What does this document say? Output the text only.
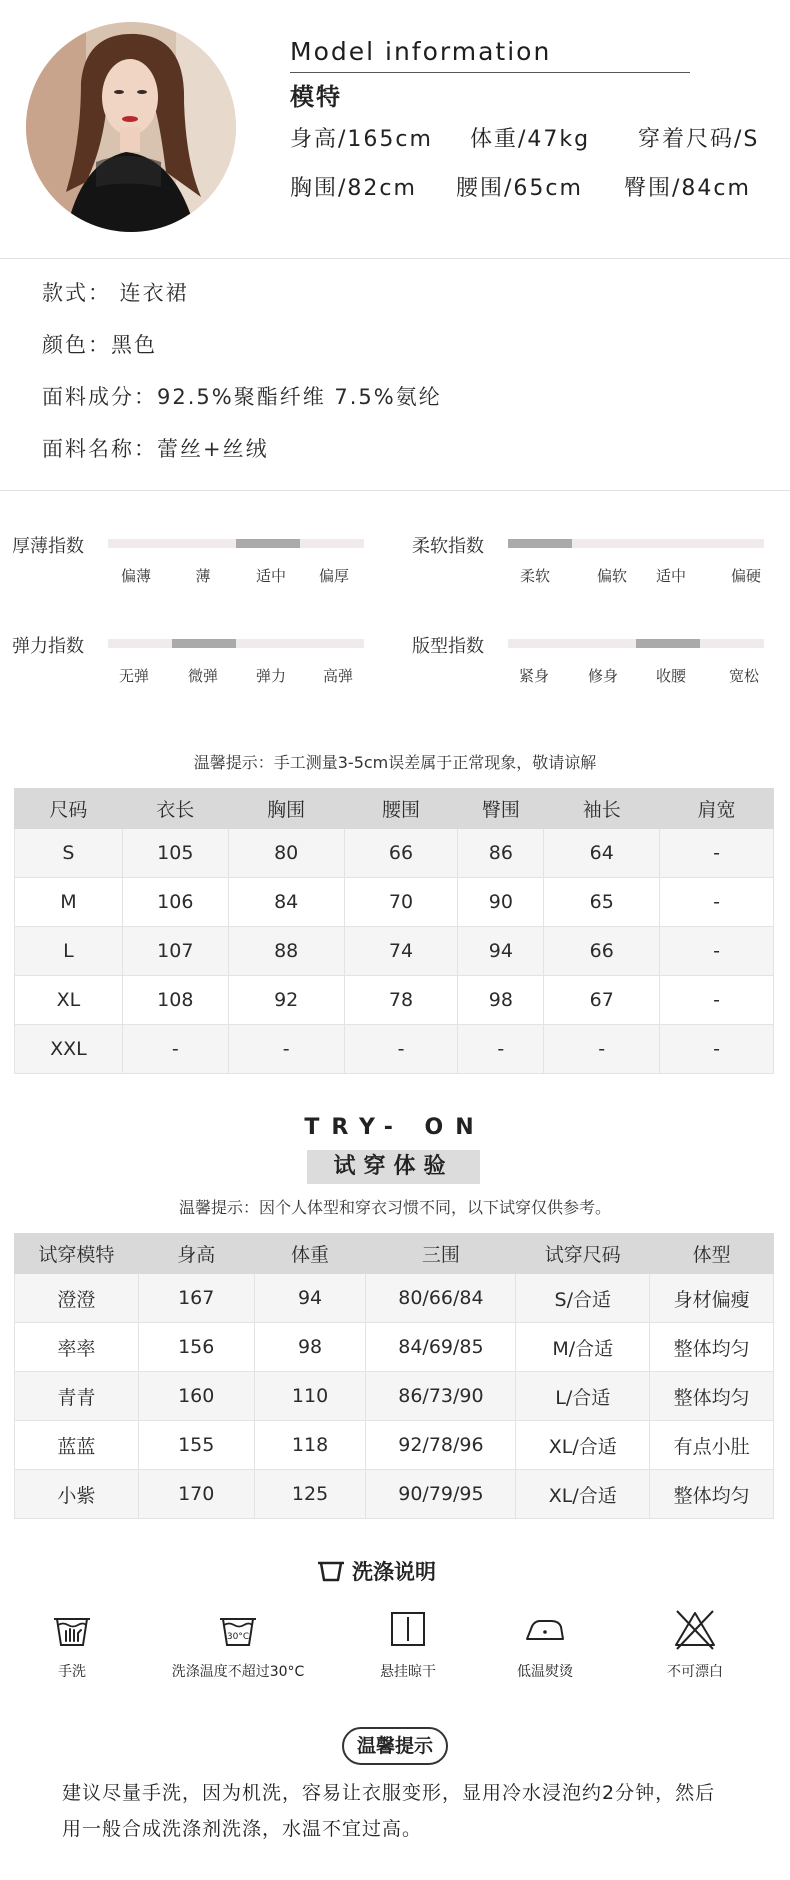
Model information
模特
身高/165cm 体重/47kg 穿着尺码/S
胸围/82cm 腰围/65cm 臀围/84cm
款式： 连衣裙
颜色：黑色
面料成分：92.5%聚酯纤维 7.5%氨纶
面料名称：蕾丝+丝绒
厚薄指数
偏薄	薄	适中 偏厚
柔软指数
柔软	偏软 适中	偏硬
弹力指数
无弹	微弹	弹力 高弹
版型指数
紧身	修身	收腰	宽松
温馨提示：手工测量3-5cm误差属于正常现象，敬请谅解
尺码	衣长	胸围	腰围	臀围	袖长	肩宽
S	105	80	66	86	64	-
M	106	84	70	90	65	-
L	107	88	74	94	66	-
XL	108	92	78	98	67	-
XXL	-	-	-	-	-	-
TRY- ON
试穿体验
温馨提示：因个人体型和穿衣习惯不同，以下试穿仅供参考。
试穿模特	身高	体重	三围	试穿尺码	体型
澄澄	167	94	80/66/84	S/合适	身材偏瘦
率率	156	98	84/69/85	M/合适	整体均匀
青青	160	110	86/73/90	L/合适	整体均匀
蓝蓝	155	118	92/78/96	XL/合适	有点小肚
小紫	170	125	90/79/95	XL/合适	整体均匀
洗涤说明
手洗
30°C
洗涤温度不超过30°C	悬挂晾干	低温熨烫	不可漂白
温馨提示
建议尽量手洗，因为机洗，容易让衣服变形，显用冷水浸泡约2分钟，然后
用一般合成洗涤剂洗涤，水温不宜过高。
